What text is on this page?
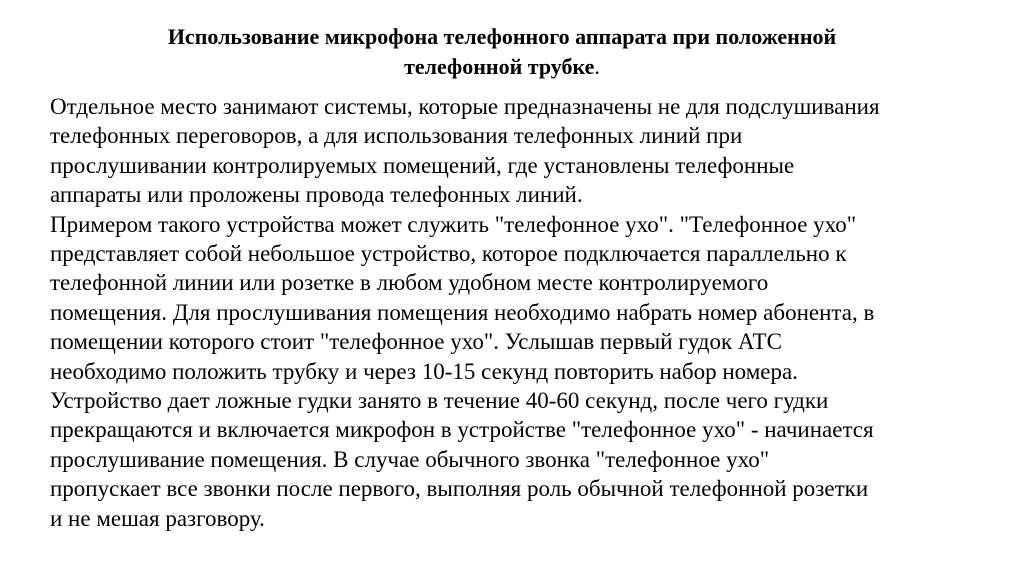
Использование микрофона телефонного аппарата при положенной
телефонной трубке.
Отдельное место занимают системы, которые предназначены не для подслушивания
телефонных переговоров, а для использования телефонных линий при
прослушивании контролируемых помещений, где установлены телефонные
аппараты или проложены провода телефонных линий.
Примером такого устройства может служить "телефонное ухо". "Телефонное ухо"
представляет собой небольшое устройство, которое подключается параллельно к
телефонной линии или розетке в любом удобном месте контролируемого
помещения. Для прослушивания помещения необходимо набрать номер абонента, в
помещении которого стоит "телефонное ухо". Услышав первый гудок АТС
необходимо положить трубку и через 10-15 секунд повторить набор номера.
Устройство дает ложные гудки занято в течение 40-60 секунд, после чего гудки
прекращаются и включается микрофон в устройстве "телефонное ухо" - начинается
прослушивание помещения. В случае обычного звонка "телефонное ухо"
пропускает все звонки после первого, выполняя роль обычной телефонной розетки
и не мешая разговору.
